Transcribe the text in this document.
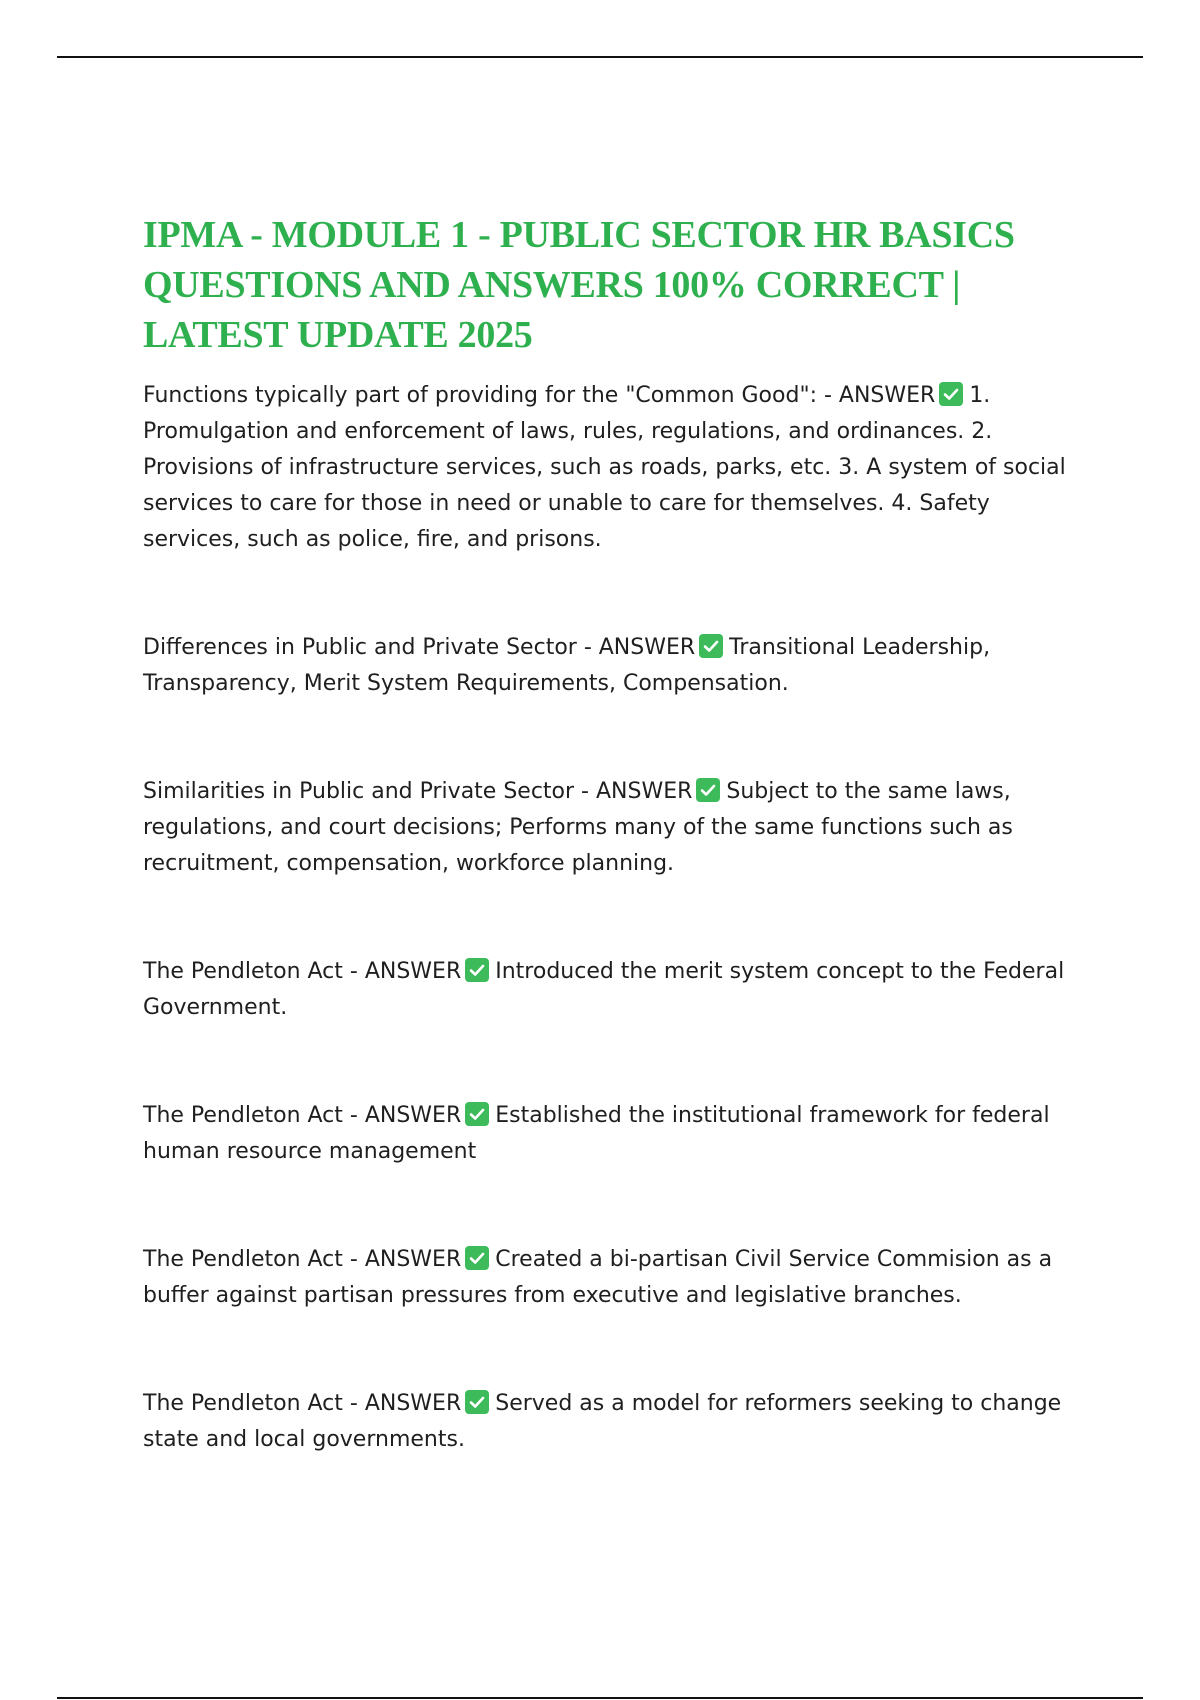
IPMA - MODULE 1 - PUBLIC SECTOR HR BASICS QUESTIONS AND ANSWERS 100% CORRECT | LATEST UPDATE 2025

Functions typically part of providing for the "Common Good": - ANSWER 1. Promulgation and enforcement of laws, rules, regulations, and ordinances. 2. Provisions of infrastructure services, such as roads, parks, etc. 3. A system of social services to care for those in need or unable to care for themselves. 4. Safety services, such as police, fire, and prisons.

Differences in Public and Private Sector - ANSWER Transitional Leadership, Transparency, Merit System Requirements, Compensation.

Similarities in Public and Private Sector - ANSWER Subject to the same laws, regulations, and court decisions; Performs many of the same functions such as recruitment, compensation, workforce planning.

The Pendleton Act - ANSWER Introduced the merit system concept to the Federal Government.

The Pendleton Act - ANSWER Established the institutional framework for federal human resource management

The Pendleton Act - ANSWER Created a bi-partisan Civil Service Commision as a buffer against partisan pressures from executive and legislative branches.

The Pendleton Act - ANSWER Served as a model for reformers seeking to change state and local governments.
